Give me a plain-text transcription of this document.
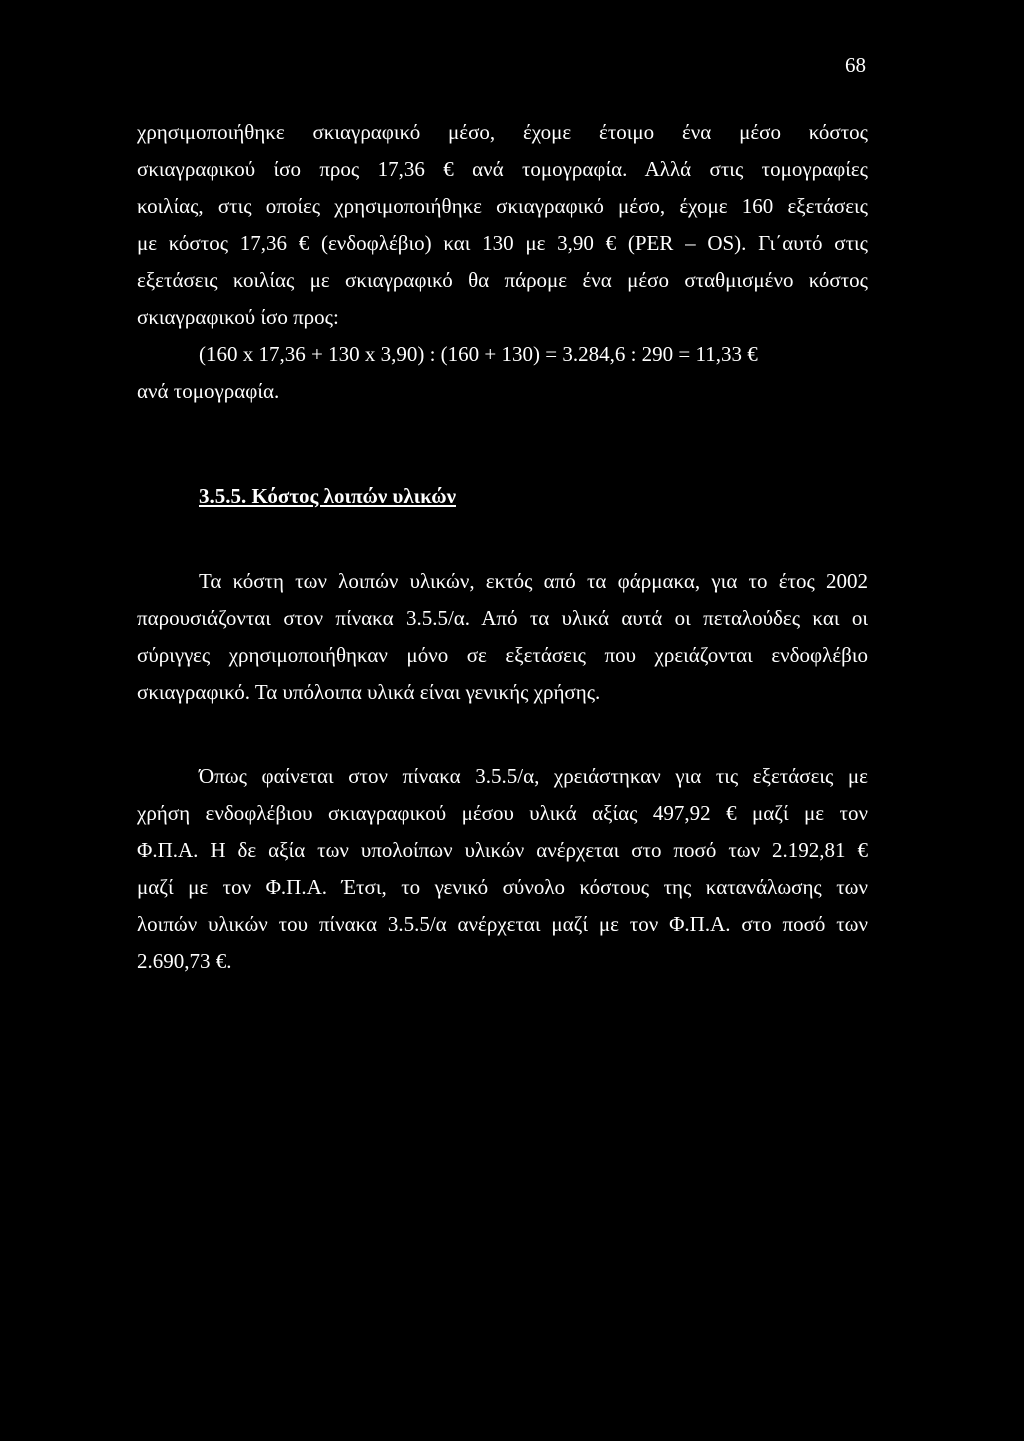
68
χρησιμοποιήθηκε σκιαγραφικό μέσο, έχομε έτοιμο ένα μέσο κόστος
σκιαγραφικού ίσο προς 17,36 € ανά τομογραφία. Αλλά στις τομογραφίες
κοιλίας, στις οποίες χρησιμοποιήθηκε σκιαγραφικό μέσο, έχομε 160 εξετάσεις
με κόστος 17,36 € (ενδοφλέβιο) και 130 με 3,90 € (PER – OS). Γι΄αυτό στις
εξετάσεις κοιλίας με σκιαγραφικό θα πάρομε ένα μέσο σταθμισμένο κόστος
σκιαγραφικού ίσο προς:
(160 x 17,36 + 130 x 3,90) : (160 + 130) = 3.284,6 : 290 = 11,33 €
ανά τομογραφία.
3.5.5. Κόστος λοιπών υλικών
Τα κόστη των λοιπών υλικών, εκτός από τα φάρμακα, για το έτος 2002
παρουσιάζονται στον πίνακα 3.5.5/α. Από τα υλικά αυτά οι πεταλούδες και οι
σύριγγες χρησιμοποιήθηκαν μόνο σε εξετάσεις που χρειάζονται ενδοφλέβιο
σκιαγραφικό. Τα υπόλοιπα υλικά είναι γενικής χρήσης.
Όπως φαίνεται στον πίνακα 3.5.5/α, χρειάστηκαν για τις εξετάσεις με
χρήση ενδοφλέβιου σκιαγραφικού μέσου υλικά αξίας 497,92 € μαζί με τον
Φ.Π.Α. Η δε αξία των υπολοίπων υλικών ανέρχεται στο ποσό των 2.192,81 €
μαζί με τον Φ.Π.Α. Έτσι, το γενικό σύνολο κόστους της κατανάλωσης των
λοιπών υλικών του πίνακα 3.5.5/α ανέρχεται μαζί με τον Φ.Π.Α. στο ποσό των
2.690,73 €.
